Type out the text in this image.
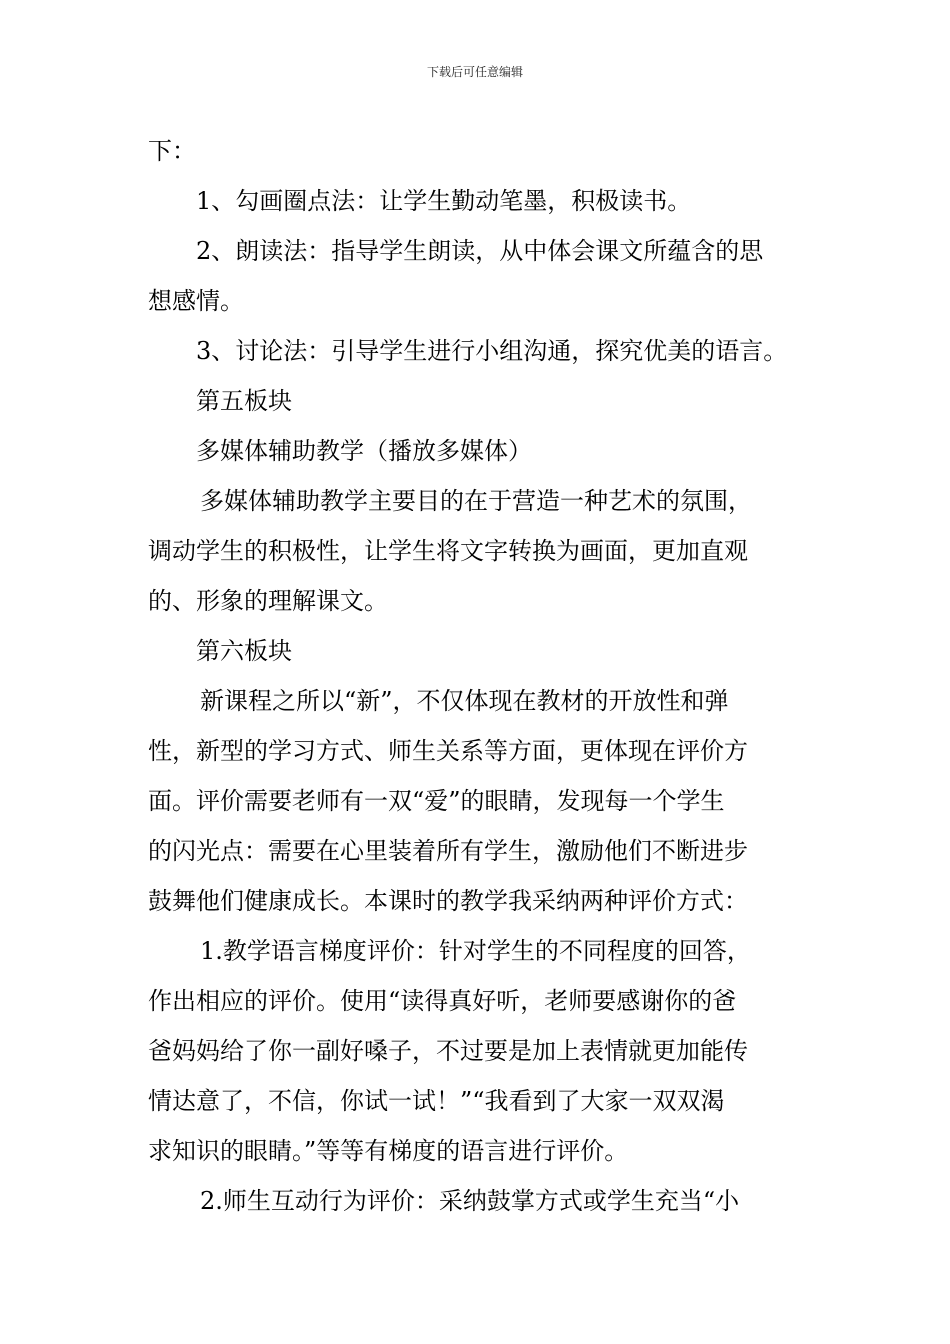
下载后可任意编辑
下：
1、勾画圈点法：让学生勤动笔墨，积极读书。
2、朗读法：指导学生朗读，从中体会课文所蕴含的思
想感情。
3、讨论法：引导学生进行小组沟通，探究优美的语言。
第五板块
多媒体辅助教学（播放多媒体）
多媒体辅助教学主要目的在于营造一种艺术的氛围，
调动学生的积极性，让学生将文字转换为画面，更加直观
的、形象的理解课文。
第六板块
新课程之所以“新”，不仅体现在教材的开放性和弹
性，新型的学习方式、师生关系等方面，更体现在评价方
面。评价需要老师有一双“爱”的眼睛，发现每一个学生
的闪光点：需要在心里装着所有学生，激励他们不断进步
鼓舞他们健康成长。本课时的教学我采纳两种评价方式：
1.教学语言梯度评价：针对学生的不同程度的回答，
作出相应的评价。使用“读得真好听，老师要感谢你的爸
爸妈妈给了你一副好嗓子，不过要是加上表情就更加能传
情达意了，不信，你试一试！”“我看到了大家一双双渴
求知识的眼睛。”等等有梯度的语言进行评价。
2.师生互动行为评价：采纳鼓掌方式或学生充当“小
